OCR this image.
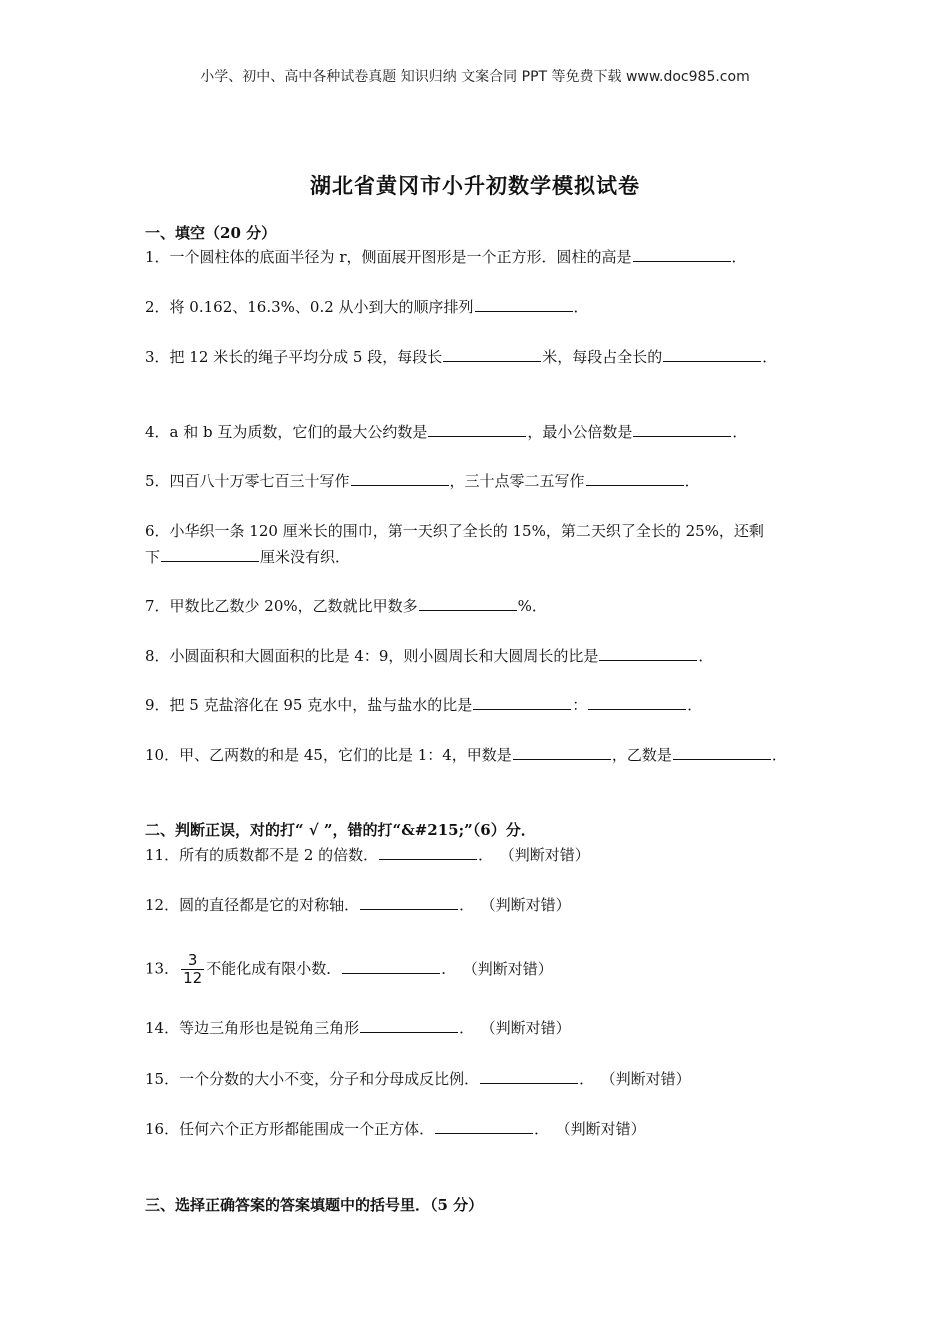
小学、初中、高中各种试卷真题 知识归纳 文案合同 PPT 等免费下载 www.doc985.com
湖北省黄冈市小升初数学模拟试卷
一、填空（20 分）
1．一个圆柱体的底面半径为 r，侧面展开图形是一个正方形．圆柱的高是	．
2．将 0.162、16.3%、0.2 从小到大的顺序排列	．
3．把 12 米长的绳子平均分成 5 段，每段长	米，每段占全长的	．
4．a 和 b 互为质数，它们的最大公约数是	，最小公倍数是	．
5．四百八十万零七百三十写作	，三十点零二五写作	．
6．小华织一条 120 厘米长的围巾，第一天织了全长的 15%，第二天织了全长的 25%，还剩
下	厘米没有织．
7．甲数比乙数少 20%，乙数就比甲数多	%．
8．小圆面积和大圆面积的比是 4：9，则小圆周长和大圆周长的比是	．
9．把 5 克盐溶化在 95 克水中，盐与盐水的比是	：	．
10．甲、乙两数的和是 45，它们的比是 1：4，甲数是	，乙数是	．
二、判断正误，对的打“ √ ”，错的打“&#215;”（6）分．
11．所有的质数都不是 2 的倍数．	． （判断对错）
12．圆的直径都是它的对称轴．	． （判断对错）
13． $\frac{3}{12}$ 不能化成有限小数．	． （判断对错）
14．等边三角形也是锐角三角形	． （判断对错）
15．一个分数的大小不变，分子和分母成反比例．	． （判断对错）
16．任何六个正方形都能围成一个正方体．	． （判断对错）
三、选择正确答案的答案填题中的括号里．（5 分）
